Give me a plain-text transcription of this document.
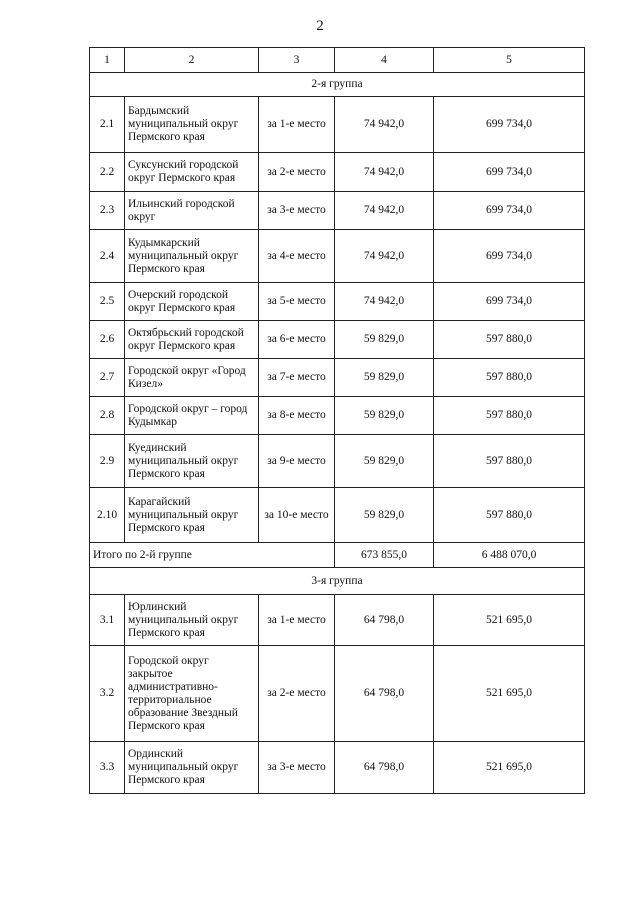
2
1	2	3	4	5
2-я группа				
2.1	Бардымский муниципальный округ Пермского края	за 1-е место	74 942,0	699 734,0
2.2	Суксунский городской округ Пермского края	за 2-е место	74 942,0	699 734,0
2.3	Ильинский городской округ	за 3-е место	74 942,0	699 734,0
2.4	Кудымкарский муниципальный округ Пермского края	за 4-е место	74 942,0	699 734,0
2.5	Очерский городской округ Пермского края	за 5-е место	74 942,0	699 734,0
2.6	Октябрьский городской округ Пермского края	за 6-е место	59 829,0	597 880,0
2.7	Городской округ «Город Кизел»	за 7-е место	59 829,0	597 880,0
2.8	Городской округ – город Кудымкар	за 8-е место	59 829,0	597 880,0
2.9	Куединский муниципальный округ Пермского края	за 9-е место	59 829,0	597 880,0
2.10	Карагайский муниципальный округ Пермского края	за 10-е место	59 829,0	597 880,0
Итого по 2-й группе			673 855,0	6 488 070,0
3-я группа				
3.1	Юрлинский муниципальный округ Пермского края	за 1-е место	64 798,0	521 695,0
3.2	Городской округ закрытое административно-территориальное образование Звездный Пермского края	за 2-е место	64 798,0	521 695,0
3.3	Ординский муниципальный округ Пермского края	за 3-е место	64 798,0	521 695,0
